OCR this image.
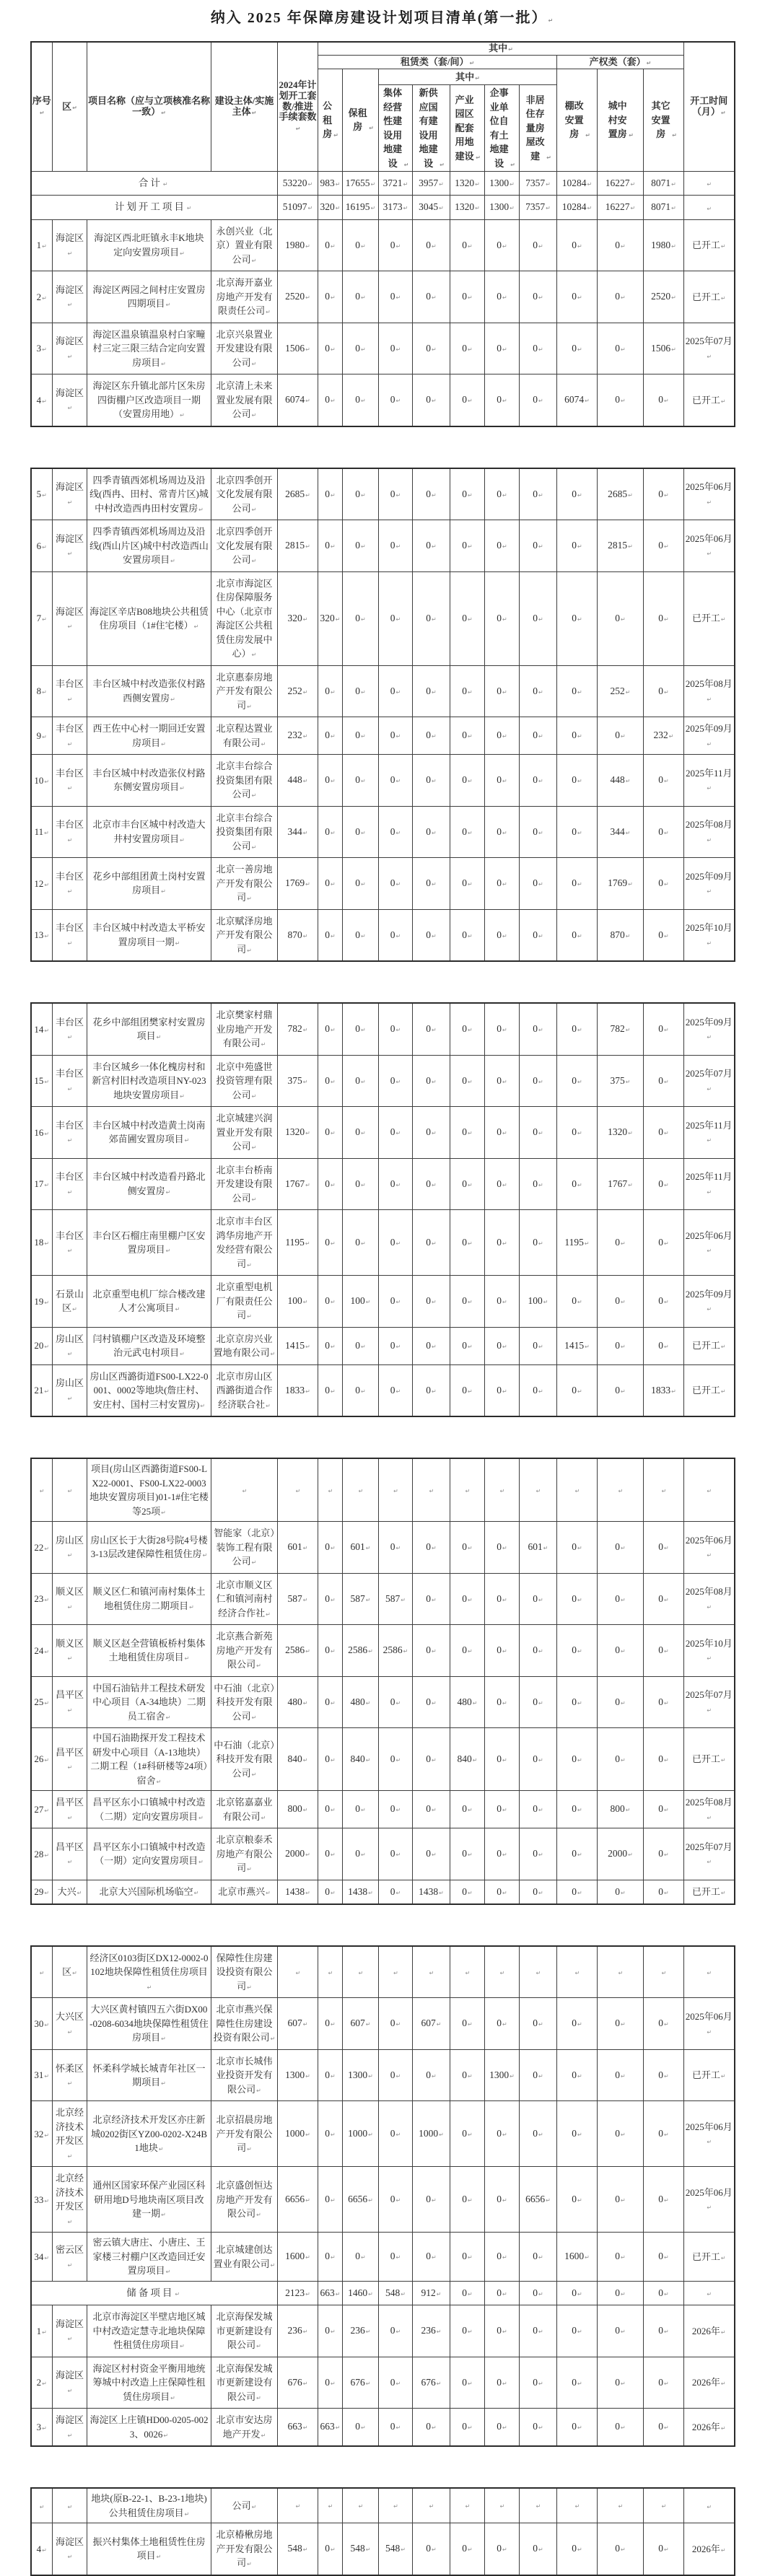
纳入 2025 年保障房建设计划项目清单(第一批）↵
序号↵	区↵	项目名称（应与立项核准名称一致）↵	建设主体/实施主体↵	2024年计划开工套数/推进手续套数↵	其中↵										开工时间（月）↵
					租赁类（套/间）↵							产权类（套）↵			
					公租房 ↵	保租房 ↵	其中↵					棚改安置房 ↵	城中村安置房 ↵	其它安置房 ↵	
							集体经营性建设用地建设 ↵	新供应国有建设用地建设 ↵	产业园区配套用地建设 ↵	企事业单位自有土地建设 ↵	非居住存量房屋改建 ↵				
合计↵				53220↵	983↵	17655↵	3721↵	3957↵	1320↵	1300↵	7357↵	10284↵	16227↵	8071↵	↵
计划开工项目↵				51097↵	320↵	16195↵	3173↵	3045↵	1320↵	1300↵	7357↵	10284↵	16227↵	8071↵	↵
1↵	海淀区↵	海淀区西北旺镇永丰K地块定向安置房项目↵	永创兴业（北京）置业有限公司↵	1980↵	0↵	0↵	0↵	0↵	0↵	0↵	0↵	0↵	0↵	1980↵	已开工↵
2↵	海淀区↵	海淀区两园之间村庄安置房四期项目↵	北京海开嘉业房地产开发有限责任公司↵	2520↵	0↵	0↵	0↵	0↵	0↵	0↵	0↵	0↵	0↵	2520↵	已开工↵
3↵	海淀区↵	海淀区温泉镇温泉村白家疃村三定三限三结合定向安置房项目↵	北京兴泉置业开发建设有限公司↵	1506↵	0↵	0↵	0↵	0↵	0↵	0↵	0↵	0↵	0↵	1506↵	2025年07月↵
4↵	海淀区↵	海淀区东升镇北部片区朱房四街棚户区改造项目一期（安置房用地）↵	北京清上未来置业发展有限公司↵	6074↵	0↵	0↵	0↵	0↵	0↵	0↵	0↵	6074↵	0↵	0↵	已开工↵
5↵	海淀区↵	四季青镇西郊机场周边及沿线(西冉、田村、常青片区)城中村改造西冉田村安置房↵	北京四季创开文化发展有限公司↵	2685↵	0↵	0↵	0↵	0↵	0↵	0↵	0↵	0↵	2685↵	0↵	2025年06月↵
6↵	海淀区↵	四季青镇西郊机场周边及沿线(西山片区)城中村改造西山安置房项目↵	北京四季创开文化发展有限公司↵	2815↵	0↵	0↵	0↵	0↵	0↵	0↵	0↵	0↵	2815↵	0↵	2025年06月↵
7↵	海淀区↵	海淀区辛店B08地块公共租赁住房项目（1#住宅楼）↵	北京市海淀区住房保障服务中心（北京市海淀区公共租赁住房发展中心）↵	320↵	320↵	0↵	0↵	0↵	0↵	0↵	0↵	0↵	0↵	0↵	已开工↵
8↵	丰台区↵	丰台区城中村改造张仪村路西侧安置房↵	北京惠泰房地产开发有限公司↵	252↵	0↵	0↵	0↵	0↵	0↵	0↵	0↵	0↵	252↵	0↵	2025年08月↵
9↵	丰台区↵	西王佐中心村一期回迁安置房项目↵	北京程达置业有限公司↵	232↵	0↵	0↵	0↵	0↵	0↵	0↵	0↵	0↵	0↵	232↵	2025年09月↵
10↵	丰台区↵	丰台区城中村改造张仪村路东侧安置房项目↵	北京丰台综合投资集团有限公司↵	448↵	0↵	0↵	0↵	0↵	0↵	0↵	0↵	0↵	448↵	0↵	2025年11月↵
11↵	丰台区↵	北京市丰台区城中村改造大井村安置房项目↵	北京丰台综合投资集团有限公司↵	344↵	0↵	0↵	0↵	0↵	0↵	0↵	0↵	0↵	344↵	0↵	2025年08月↵
12↵	丰台区↵	花乡中部组团黄土岗村安置房项目↵	北京一善房地产开发有限公司↵	1769↵	0↵	0↵	0↵	0↵	0↵	0↵	0↵	0↵	1769↵	0↵	2025年09月↵
13↵	丰台区↵	丰台区城中村改造太平桥安置房项目一期↵	北京赋泽房地产开发有限公司↵	870↵	0↵	0↵	0↵	0↵	0↵	0↵	0↵	0↵	870↵	0↵	2025年10月↵
14↵	丰台区↵	花乡中部组团樊家村安置房项目↵	北京樊家村鼎业房地产开发有限公司↵	782↵	0↵	0↵	0↵	0↵	0↵	0↵	0↵	0↵	782↵	0↵	2025年09月↵
15↵	丰台区↵	丰台区城乡一体化槐房村和新宫村旧村改造项目NY-023地块安置房项目↵	北京中苑盛世投资管理有限公司↵	375↵	0↵	0↵	0↵	0↵	0↵	0↵	0↵	0↵	375↵	0↵	2025年07月↵
16↵	丰台区↵	丰台区城中村改造黄土岗南郊苗圃安置房项目↵	北京城建兴润置业开发有限公司↵	1320↵	0↵	0↵	0↵	0↵	0↵	0↵	0↵	0↵	1320↵	0↵	2025年11月↵
17↵	丰台区↵	丰台区城中村改造看丹路北侧安置房↵	北京丰台桥南开发建设有限公司↵	1767↵	0↵	0↵	0↵	0↵	0↵	0↵	0↵	0↵	1767↵	0↵	2025年11月↵
18↵	丰台区↵	丰台区石榴庄南里棚户区安置房项目↵	北京市丰台区鸿华房地产开发经营有限公司↵	1195↵	0↵	0↵	0↵	0↵	0↵	0↵	0↵	1195↵	0↵	0↵	2025年06月↵
19↵	石景山区↵	北京重型电机厂综合楼改建人才公寓项目↵	北京重型电机厂有限责任公司↵	100↵	0↵	100↵	0↵	0↵	0↵	0↵	100↵	0↵	0↵	0↵	2025年09月↵
20↵	房山区↵	闫村镇棚户区改造及环境整治元武屯村项目↵	北京京房兴业置地有限公司↵	1415↵	0↵	0↵	0↵	0↵	0↵	0↵	0↵	1415↵	0↵	0↵	已开工↵
21↵	房山区↵	房山区西潞街道FS00-LX22-0001、0002等地块(詹庄村、安庄村、国村三村安置房)↵	北京市房山区西潞街道合作经济联合社↵	1833↵	0↵	0↵	0↵	0↵	0↵	0↵	0↵	0↵	0↵	1833↵	已开工↵
↵	↵	项目(房山区西潞街道FS00-LX22-0001、FS00-LX22-0003地块安置房项目)01-1#住宅楼等25项↵	↵	↵	↵	↵	↵	↵	↵	↵	↵	↵	↵	↵	↵
22↵	房山区↵	房山区长于大街28号院4号楼3-13层改建保障性租赁住房↵	智能家（北京）装饰工程有限公司↵	601↵	0↵	601↵	0↵	0↵	0↵	0↵	601↵	0↵	0↵	0↵	2025年06月↵
23↵	顺义区↵	顺义区仁和镇河南村集体土地租赁住房二期项目↵	北京市顺义区仁和镇河南村经济合作社↵	587↵	0↵	587↵	587↵	0↵	0↵	0↵	0↵	0↵	0↵	0↵	2025年08月↵
24↵	顺义区↵	顺义区赵全营镇板桥村集体土地租赁住房项目↵	北京燕合新苑房地产开发有限公司↵	2586↵	0↵	2586↵	2586↵	0↵	0↵	0↵	0↵	0↵	0↵	0↵	2025年10月↵
25↵	昌平区↵	中国石油钻井工程技术研发中心项目（A-34地块）二期员工宿舍↵	中石油（北京）科技开发有限公司↵	480↵	0↵	480↵	0↵	0↵	480↵	0↵	0↵	0↵	0↵	0↵	2025年07月↵
26↵	昌平区↵	中国石油勘探开发工程技术研发中心项目（A-13地块）二期工程（1#科研楼等24项）宿舍↵	中石油（北京）科技开发有限公司↵	840↵	0↵	840↵	0↵	0↵	840↵	0↵	0↵	0↵	0↵	0↵	已开工↵
27↵	昌平区↵	昌平区东小口镇城中村改造（二期）定向安置房项目↵	北京铭嘉嘉业有限公司↵	800↵	0↵	0↵	0↵	0↵	0↵	0↵	0↵	0↵	800↵	0↵	2025年08月↵
28↵	昌平区↵	昌平区东小口镇城中村改造（一期）定向安置房项目↵	北京京粮泰禾房地产有限公司↵	2000↵	0↵	0↵	0↵	0↵	0↵	0↵	0↵	0↵	2000↵	0↵	2025年07月↵
29↵	大兴↵	北京大兴国际机场临空↵	北京市燕兴↵	1438↵	0↵	1438↵	0↵	1438↵	0↵	0↵	0↵	0↵	0↵	0↵	已开工↵
↵	区↵	经济区0103街区DX12-0002-0102地块保障性租赁住房项目↵	保障性住房建设投资有限公司↵	↵	↵	↵	↵	↵	↵	↵	↵	↵	↵	↵	↵
30↵	大兴区↵	大兴区黄村镇四五六街DX00-0208-6034地块保障性租赁住房项目↵	北京市燕兴保障性住房建设投资有限公司↵	607↵	0↵	607↵	0↵	607↵	0↵	0↵	0↵	0↵	0↵	0↵	2025年06月↵
31↵	怀柔区↵	怀柔科学城长城青年社区一期项目↵	北京市长城伟业投资开发有限公司↵	1300↵	0↵	1300↵	0↵	0↵	0↵	1300↵	0↵	0↵	0↵	0↵	已开工↵
32↵	北京经济技术开发区↵	北京经济技术开发区亦庄新城0202街区YZ00-0202-X24B1地块↵	北京招晨房地产开发有限公司↵	1000↵	0↵	1000↵	0↵	1000↵	0↵	0↵	0↵	0↵	0↵	0↵	2025年06月↵
33↵	北京经济技术开发区↵	通州区国家环保产业园区科研用地D号地块南区项目改建一期↵	北京盛创恒达房地产开发有限公司↵	6656↵	0↵	6656↵	0↵	0↵	0↵	0↵	6656↵	0↵	0↵	0↵	2025年06月↵
34↵	密云区↵	密云镇大唐庄、小唐庄、王家楼三村棚户区改造回迁安置房项目↵	北京城建创达置业有限公司↵	1600↵	0↵	0↵	0↵	0↵	0↵	0↵	0↵	1600↵	0↵	0↵	已开工↵
储备项目↵				2123↵	663↵	1460↵	548↵	912↵	0↵	0↵	0↵	0↵	0↵	0↵	↵
1↵	海淀区↵	北京市海淀区半壁店地区城中村改造定慧寺北地块保障性租赁住房项目↵	北京海保发城市更新建设有限公司↵	236↵	0↵	236↵	0↵	236↵	0↵	0↵	0↵	0↵	0↵	0↵	2026年↵
2↵	海淀区↵	海淀区村村资金平衡用地统筹城中村改造上庄保障性租赁住房项目↵	北京海保发城市更新建设有限公司↵	676↵	0↵	676↵	0↵	676↵	0↵	0↵	0↵	0↵	0↵	0↵	2026年↵
3↵	海淀区↵	海淀区上庄镇HD00-0205-0023、0026↵	北京市安达房地产开发↵	663↵	663↵	0↵	0↵	0↵	0↵	0↵	0↵	0↵	0↵	0↵	2026年↵
↵	↵	地块(原B-22-1、B-23-1地块)公共租赁住房项目↵	公司↵	↵	↵	↵	↵	↵	↵	↵	↵	↵	↵	↵	↵
4↵	海淀区↵	振兴村集体土地租赁性住房项目↵	北京椿楸房地产开发有限公司↵	548↵	0↵	548↵	548↵	0↵	0↵	0↵	0↵	0↵	0↵	0↵	2026年↵
